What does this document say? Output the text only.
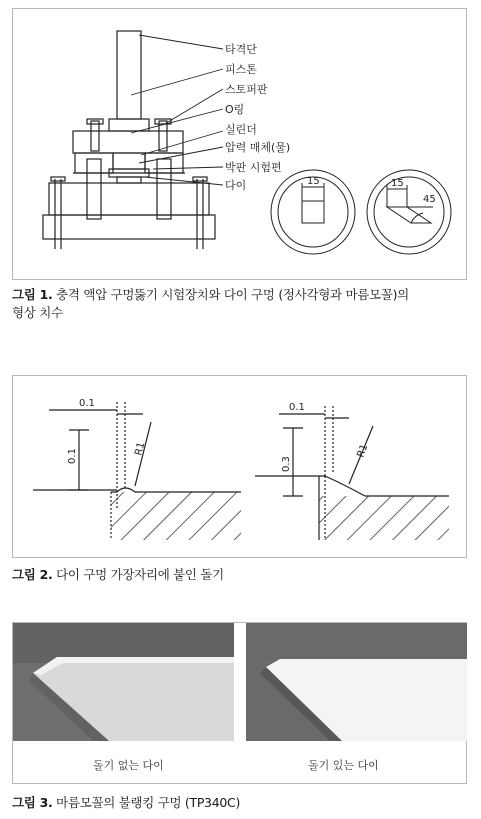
타격단
피스톤
스토퍼판
O링
실린더
압력 매체(물)
박판 시험편
다이	15	15
45
그림 1. 충격 액압 구멍뚫기 시험장치와 다이 구멍 (정사각형과 마름모꼴)의
형상 치수
0.1
0.1	R1
0.1
0.3
R1
그림 2. 다이 구멍 가장자리에 붙인 돌기
돌기 없는 다이	돌기 있는 다이
그림 3. 마름모꼴의 불랭킹 구멍 (TP340C)
